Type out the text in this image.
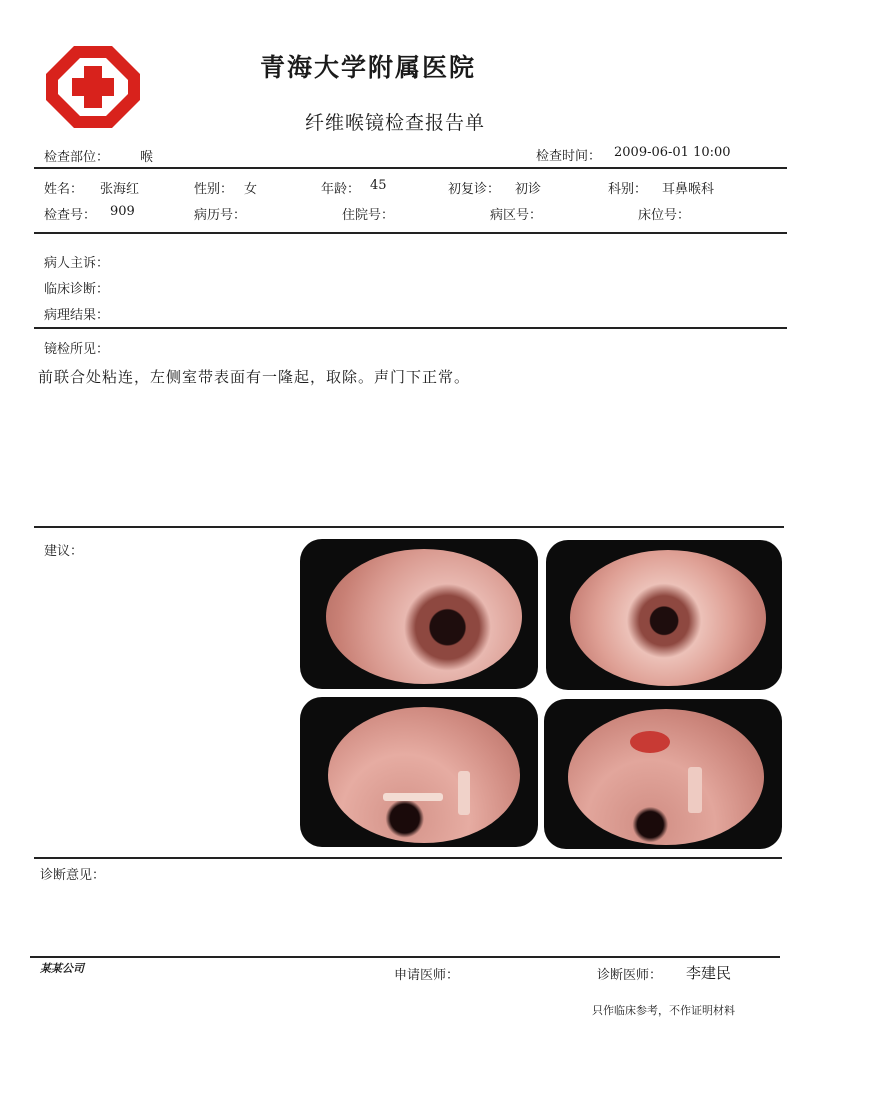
青海大学附属医院
纤维喉镜检查报告单
检查部位： 喉	检查时间： 2009-06-01 10:00
姓名： 张海红	性别： 女	年龄： 45	初复诊： 初诊	科别： 耳鼻喉科
检查号： 909	病历号：	住院号：	病区号：	床位号：
病人主诉：
临床诊断：
病理结果：
镜检所见：
前联合处粘连，左侧室带表面有一隆起，取除。声门下正常。
建议：
诊断意见：
某某公司	申请医师：	诊断医师： 李建民
只作临床参考，不作证明材料
